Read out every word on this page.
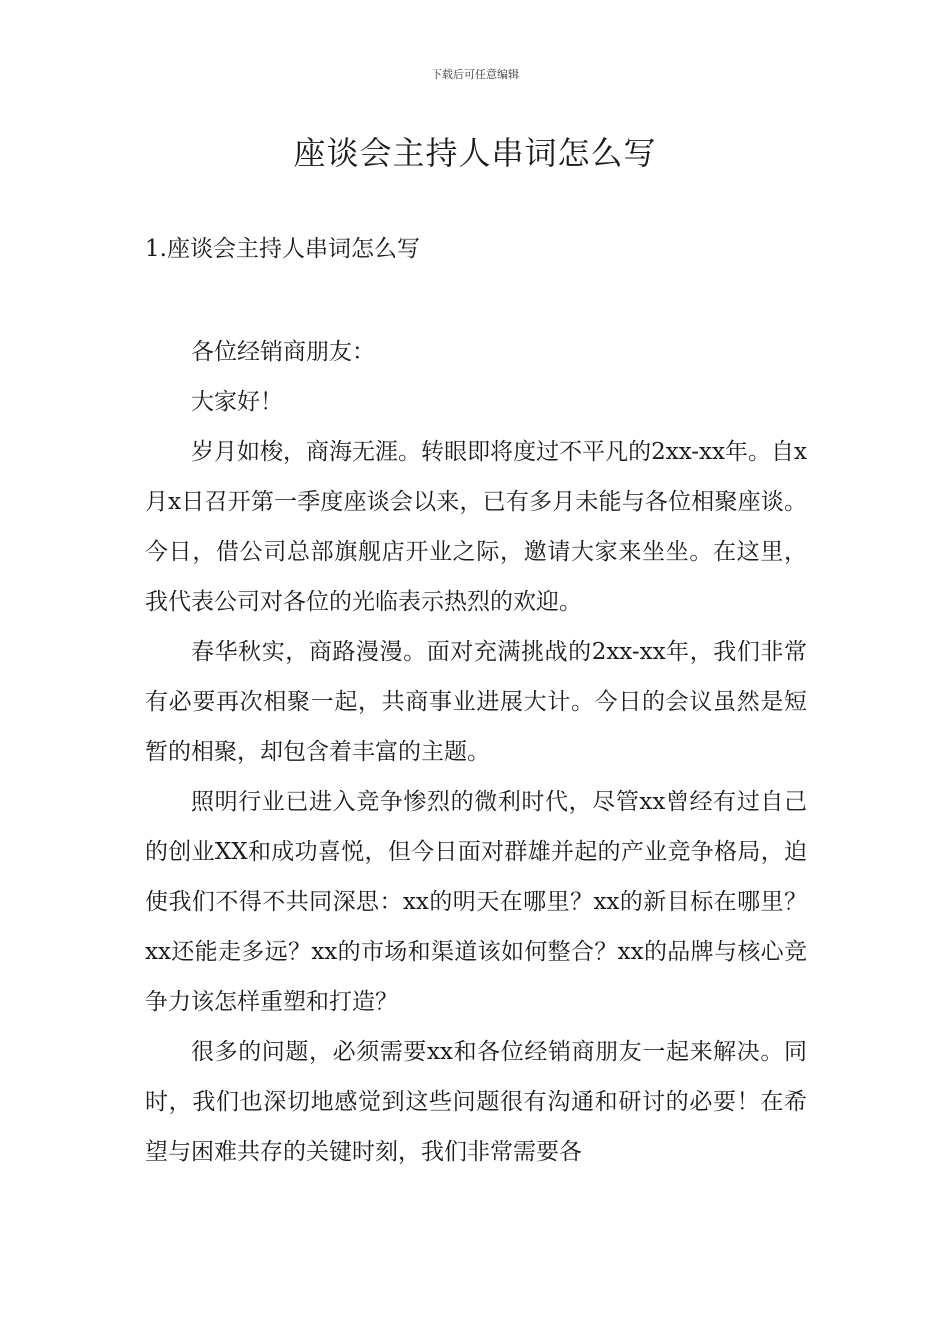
下载后可任意编辑
座谈会主持人串词怎么写
1.座谈会主持人串词怎么写

各位经销商朋友：

大家好！

岁月如梭，商海无涯。转眼即将度过不平凡的2xx-xx年。自x月x日召开第一季度座谈会以来，已有多月未能与各位相聚座谈。今日，借公司总部旗舰店开业之际，邀请大家来坐坐。在这里，我代表公司对各位的光临表示热烈的欢迎。

春华秋实，商路漫漫。面对充满挑战的2xx-xx年，我们非常有必要再次相聚一起，共商事业进展大计。今日的会议虽然是短暂的相聚，却包含着丰富的主题。

照明行业已进入竞争惨烈的微利时代，尽管xx曾经有过自己的创业XX和成功喜悦，但今日面对群雄并起的产业竞争格局，迫使我们不得不共同深思：xx的明天在哪里？xx的新目标在哪里？xx还能走多远？xx的市场和渠道该如何整合？xx的品牌与核心竞争力该怎样重塑和打造？

很多的问题，必须需要xx和各位经销商朋友一起来解决。同时，我们也深切地感觉到这些问题很有沟通和研讨的必要！在希望与困难共存的关键时刻，我们非常需要各
